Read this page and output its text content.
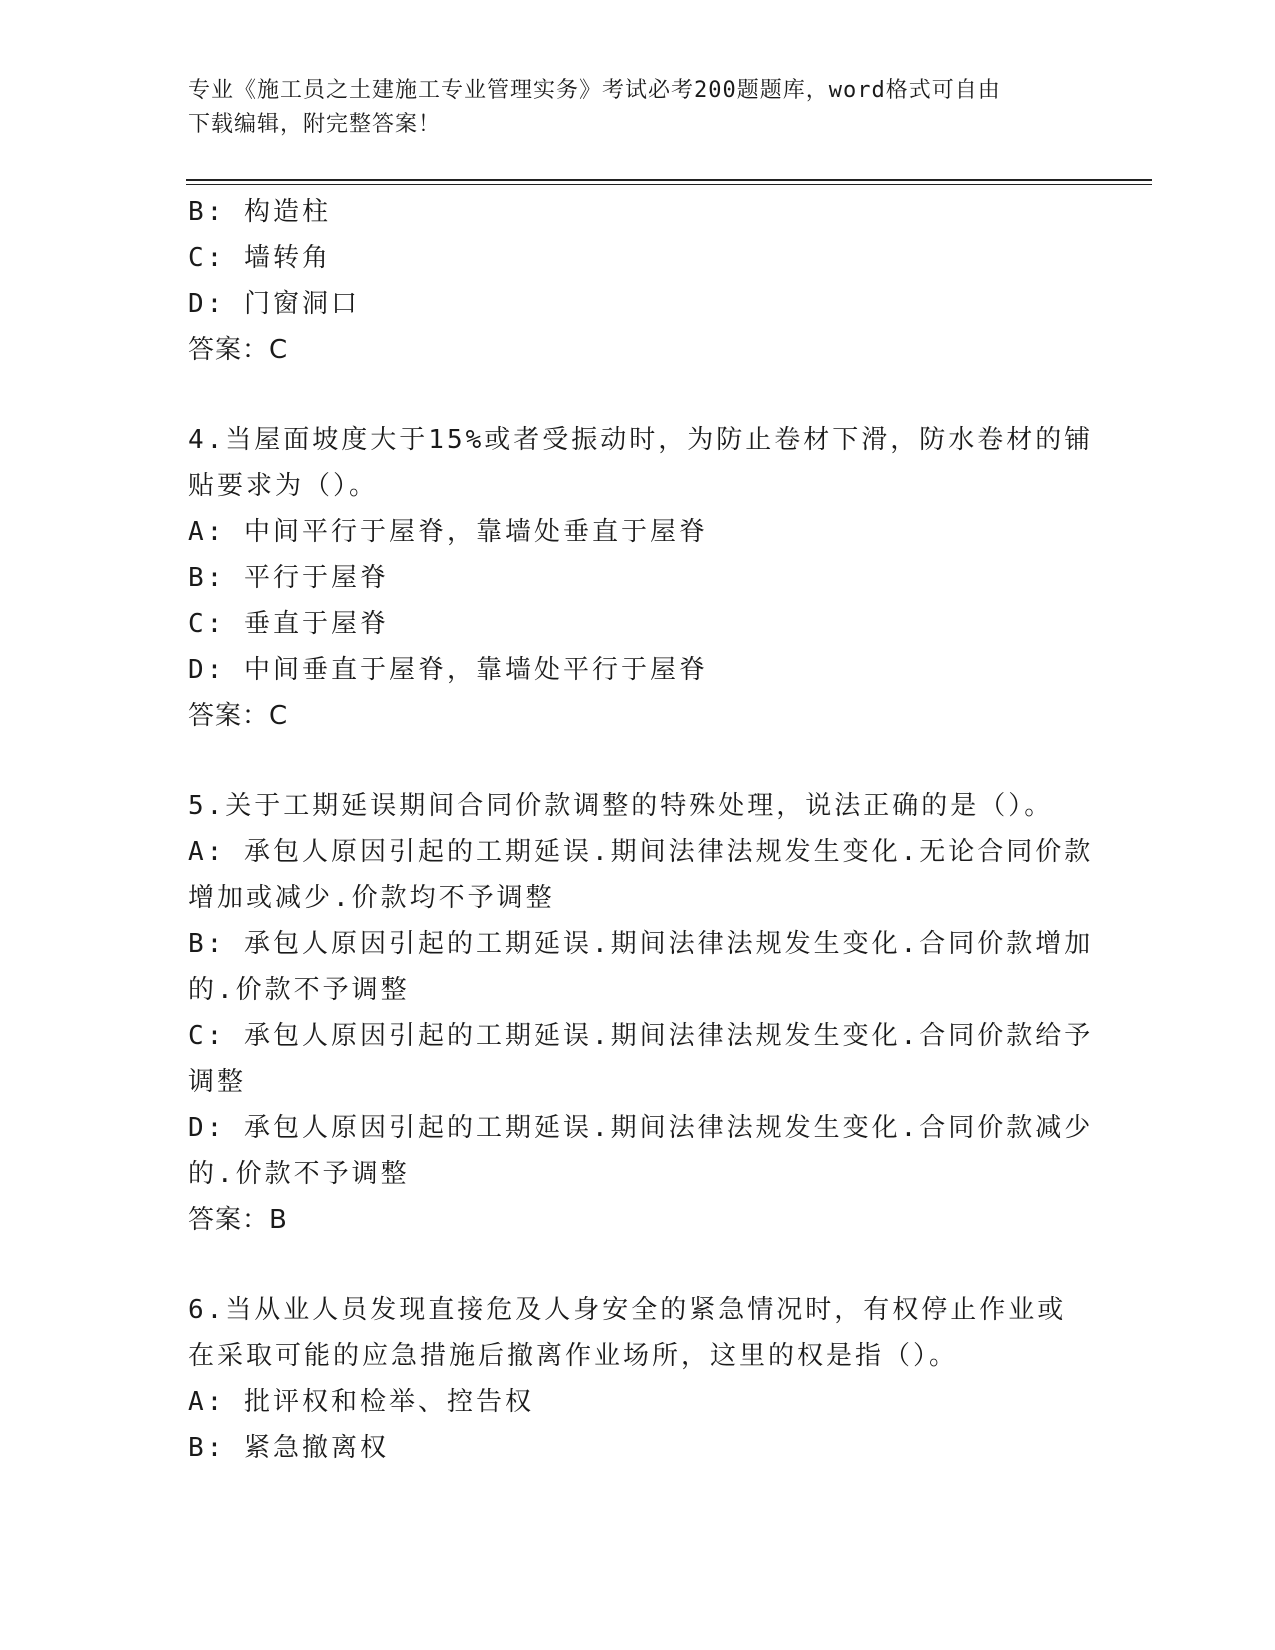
专业《施工员之土建施工专业管理实务》考试必考200题题库，word格式可自由
下载编辑，附完整答案！
B: 构造柱
C: 墙转角
D: 门窗洞口
答案：C
4.当屋面坡度大于15%或者受振动时，为防止卷材下滑，防水卷材的铺
贴要求为（）。
A: 中间平行于屋脊，靠墙处垂直于屋脊
B: 平行于屋脊
C: 垂直于屋脊
D: 中间垂直于屋脊，靠墙处平行于屋脊
答案：C
5.关于工期延误期间合同价款调整的特殊处理，说法正确的是（）。
A: 承包人原因引起的工期延误.期间法律法规发生变化.无论合同价款
增加或减少.价款均不予调整
B: 承包人原因引起的工期延误.期间法律法规发生变化.合同价款增加
的.价款不予调整
C: 承包人原因引起的工期延误.期间法律法规发生变化.合同价款给予
调整
D: 承包人原因引起的工期延误.期间法律法规发生变化.合同价款减少
的.价款不予调整
答案：B
6.当从业人员发现直接危及人身安全的紧急情况时，有权停止作业或
在采取可能的应急措施后撤离作业场所，这里的权是指（）。
A: 批评权和检举、控告权
B: 紧急撤离权
